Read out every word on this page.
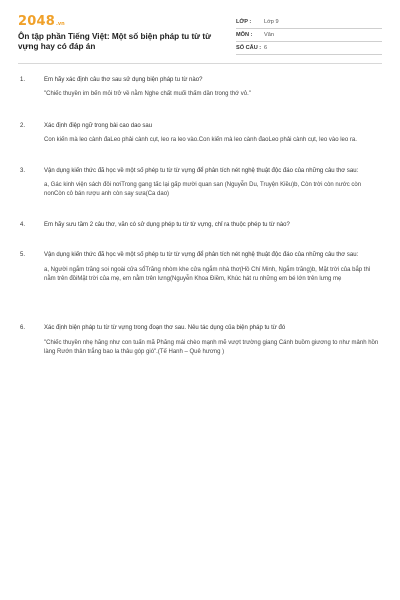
2048 .vn
Ôn tập phần Tiếng Việt: Một số biện pháp tu từ từ vựng hay có đáp án
LỚP :	Lớp 9
MÔN :	Văn
SỐ CÂU : 6
1.	Em hãy xác định câu thơ sau sử dụng biện pháp tu từ nào?
"Chiếc thuyền im bến mỏi trở về nằm Nghe chất muối thấm dần trong thớ vỏ."
2.	Xác định điệp ngữ trong bài cao dao sau
Con kiến mà leo cành đaLeo phải cành cụt, leo ra leo vào.Con kiến mà leo cành đaoLeo phải cành cụt, leo vào leo ra.
3.	Vận dụng kiến thức đã học về một số phép tu từ từ vựng để phân tích nét nghệ thuật độc đáo của những câu thơ sau:
a, Gác kinh viện sách đôi nơiTrong gang tấc lại gấp mười quan san (Nguyễn Du, Truyện Kiều)b, Còn trời còn nước còn nonCòn cô bán rượu anh còn say sưa(Ca dao)
4.	Em hãy sưu tầm 2 câu thơ, văn có sử dụng phép tu từ từ vựng, chỉ ra thuộc phép tu từ nào?
5.	Vận dụng kiến thức đã học về một số phép tu từ từ vựng để phân tích nét nghệ thuật độc đáo của những câu thơ sau:
a, Người ngắm trăng soi ngoài cửa sổTrăng nhòm khe cửa ngắm nhà thơ(Hồ Chí Minh, Ngắm trăng)b, Mặt trời của bắp thì nằm trên đồiMặt trời của mẹ, em nằm trên lưng(Nguyễn Khoa Điềm, Khúc hát ru những em bé lớn trên lưng mẹ
6.	Xác định biện pháp tu từ từ vựng trong đoạn thơ sau. Nêu tác dụng của biện pháp tu từ đó
"Chiếc thuyền nhẹ hăng như con tuấn mã Phăng mái chèo mạnh mẽ vượt trường giang Cánh buồm giương to như mảnh hồn làng Rướn thân trắng bao la thâu góp gió".(Tế Hanh – Quê hương )
